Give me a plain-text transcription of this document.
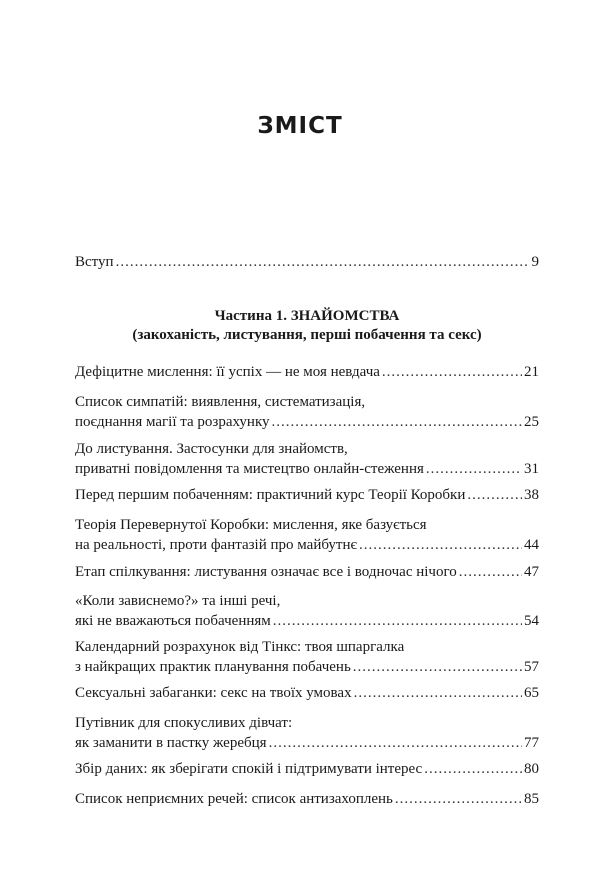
ЗМІСТ
Вступ .....	9
Частина 1. ЗНАЙОМСТВА
(закоханість, листування, перші побачення та секс)
Дефіцитне мислення: її успіх — не моя невдача .....	21
Список симпатій: виявлення, систематизація,
поєднання магії та розрахунку .....	25
До листування. Застосунки для знайомств,
приватні повідомлення та мистецтво онлайн-стеження .....	31
Перед першим побаченням: практичний курс Теорії Коробки .....	38
Теорія Перевернутої Коробки: мислення, яке базується
на реальності, проти фантазій про майбутнє .....	44
Етап спілкування: листування означає все і водночас нічого .....	47
«Коли зависнемо?» та інші речі,
які не вважаються побаченням .....	54
Календарний розрахунок від Тінкс: твоя шпаргалка
з найкращих практик планування побачень .....	57
Сексуальні забаганки: секс на твоїх умовах .....	65
Путівник для спокусливих дівчат:
як заманити в пастку жеребця .....	77
Збір даних: як зберігати спокій і підтримувати інтерес .....	80
Список неприємних речей: список антизахоплень .....	85
